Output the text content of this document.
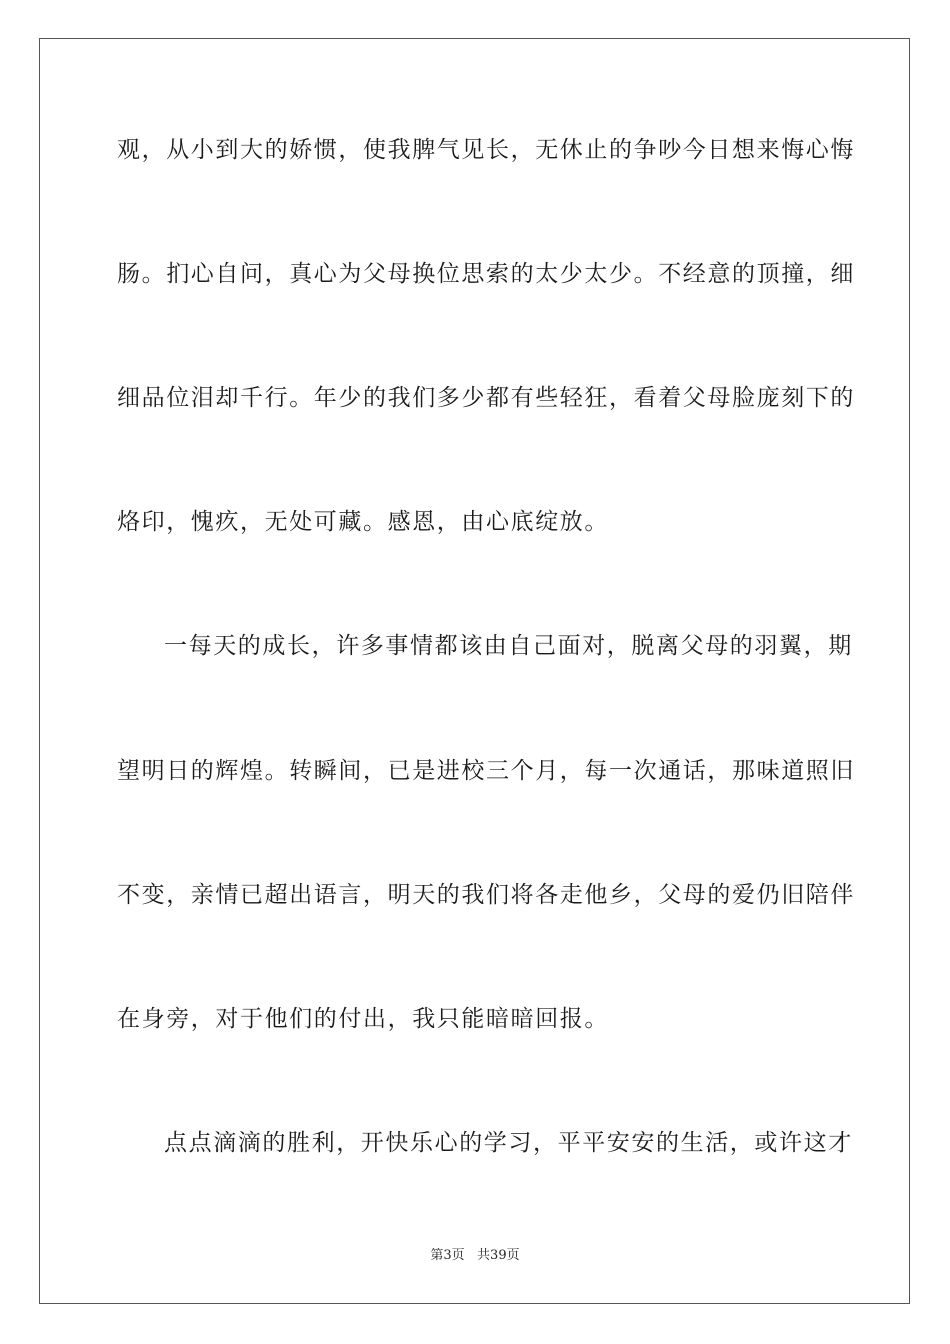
观，从小到大的娇惯，使我脾气见长，无休止的争吵今日想来悔心悔
肠。扪心自问，真心为父母换位思索的太少太少。不经意的顶撞，细
细品位泪却千行。年少的我们多少都有些轻狂，看着父母脸庞刻下的
烙印，愧疚，无处可藏。感恩，由心底绽放。
一每天的成长，许多事情都该由自己面对，脱离父母的羽翼，期
望明日的辉煌。转瞬间，已是进校三个月，每一次通话，那味道照旧
不变，亲情已超出语言，明天的我们将各走他乡，父母的爱仍旧陪伴
在身旁，对于他们的付出，我只能暗暗回报。
点点滴滴的胜利，开快乐心的学习，平平安安的生活，或许这才
第3页   共39页
